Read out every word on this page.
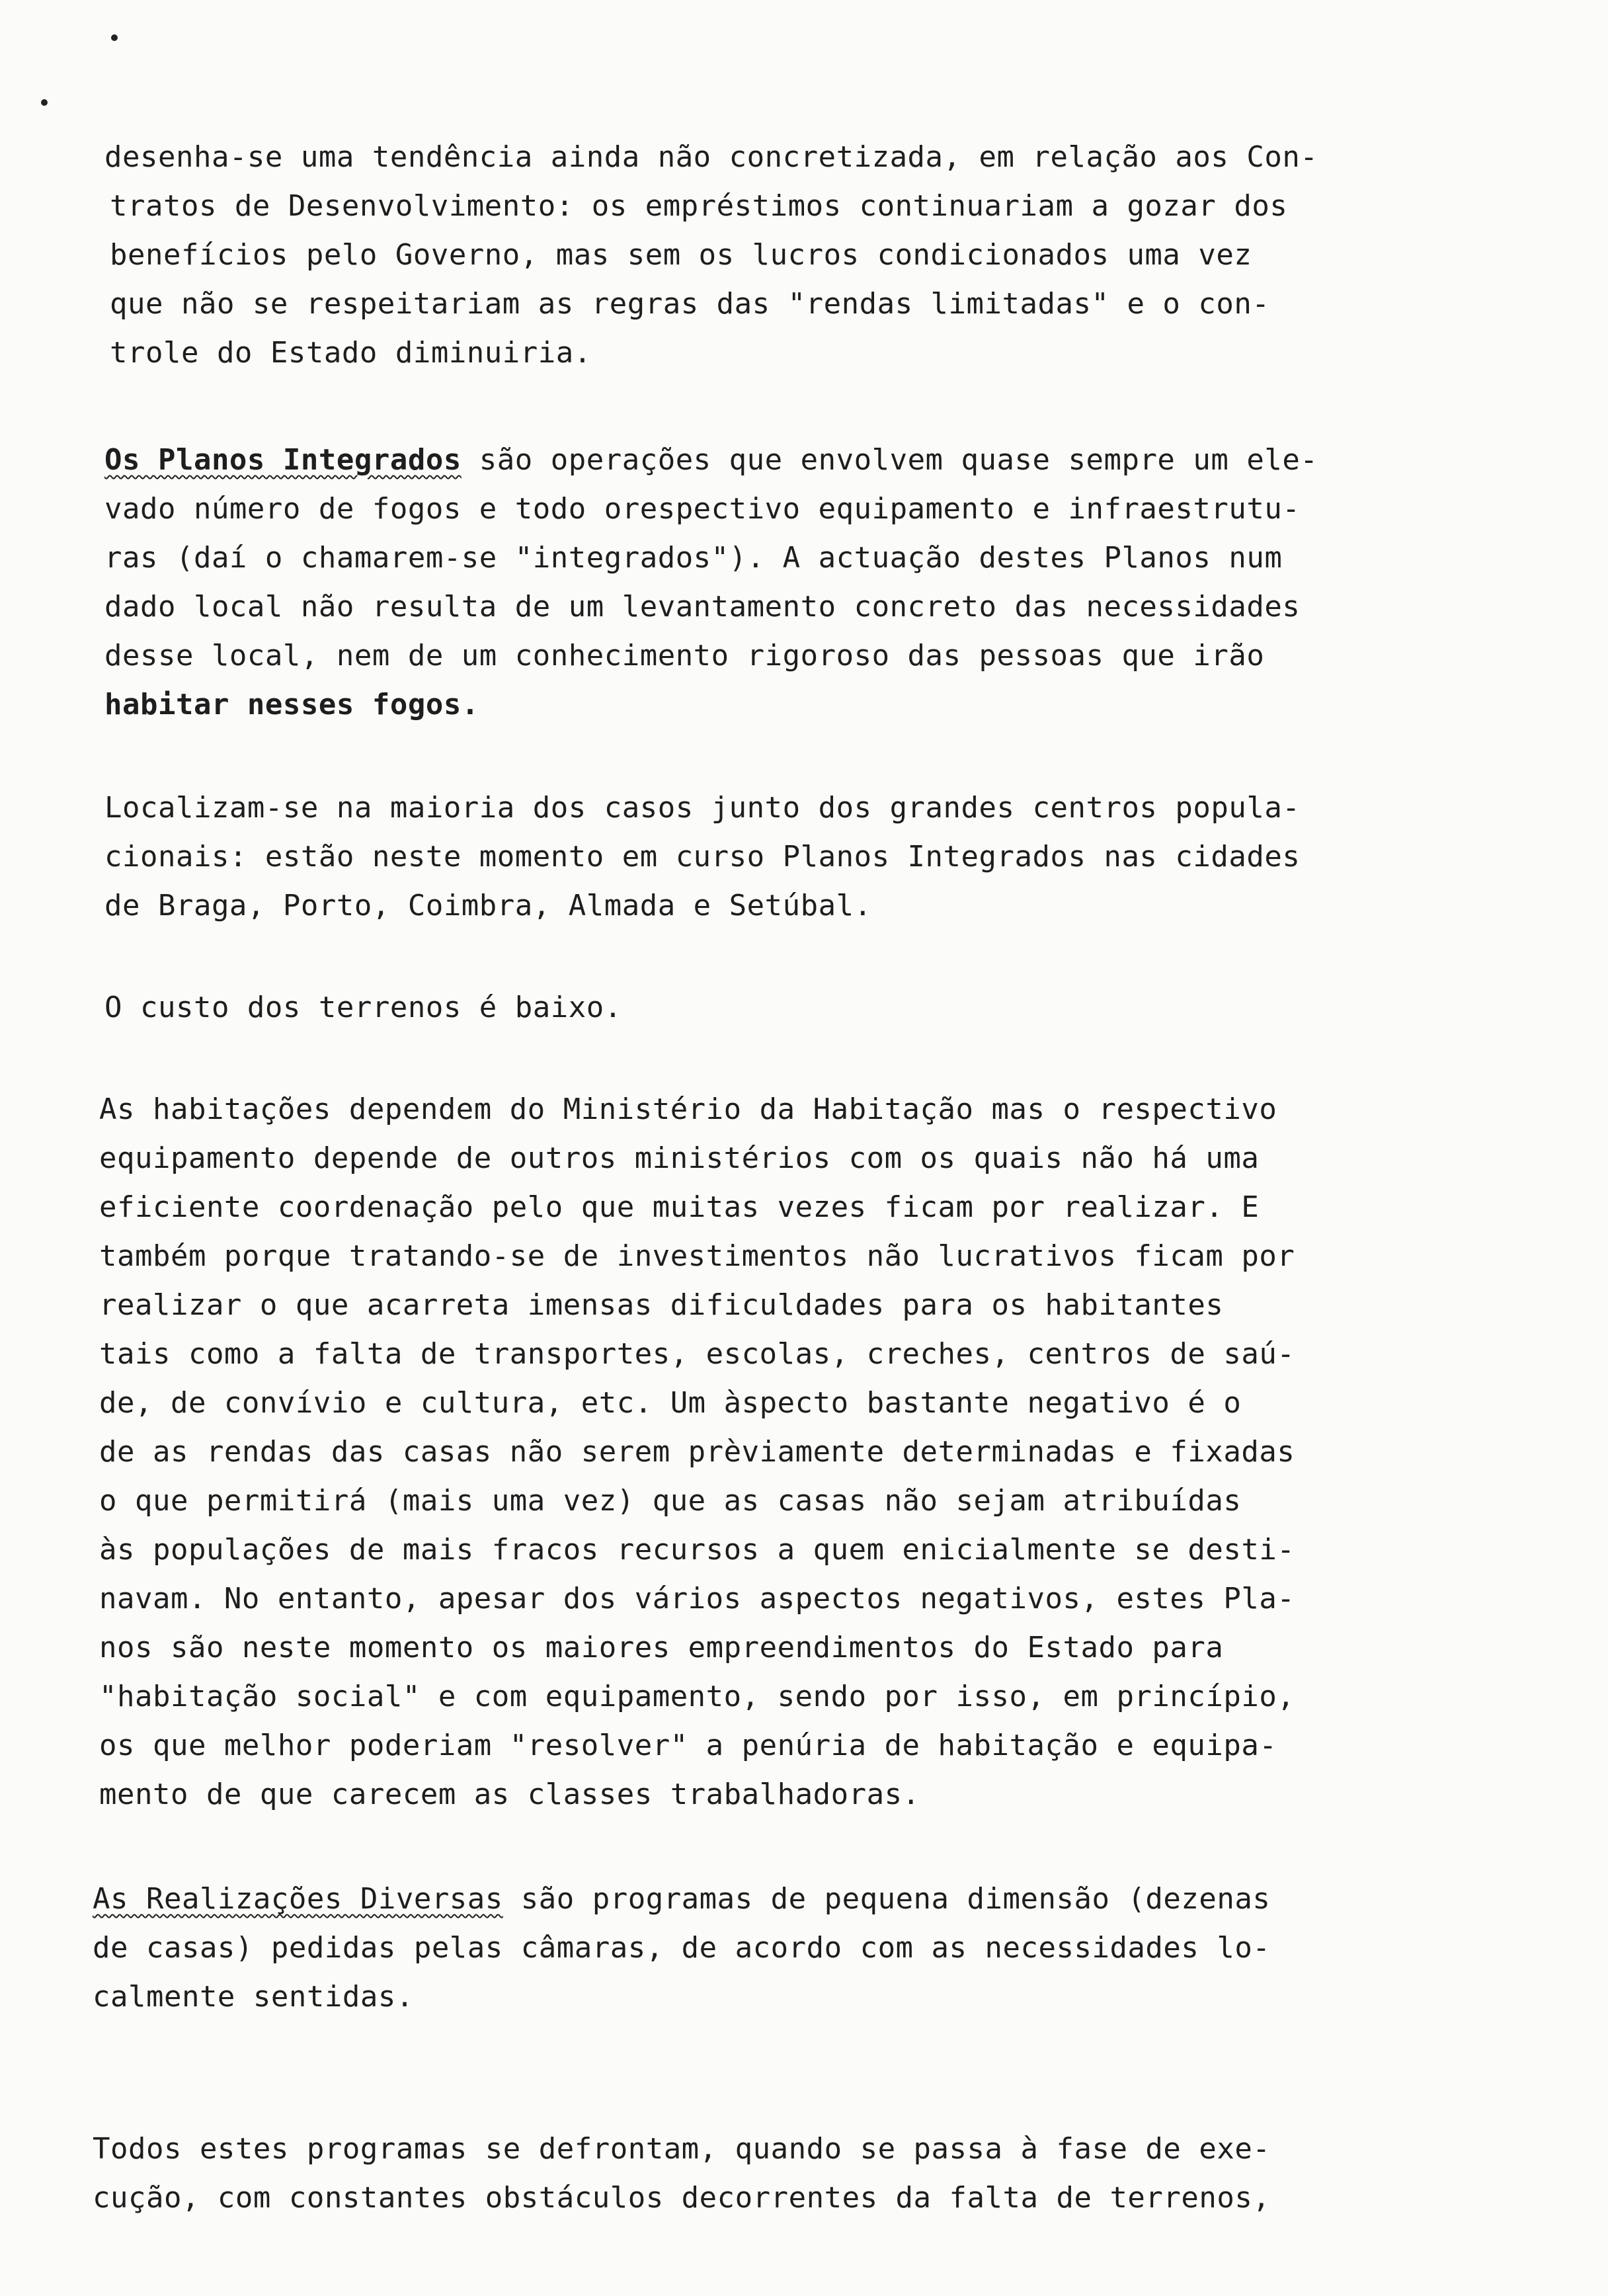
desenha-se uma tendência ainda não concretizada, em relação aos Con-
tratos de Desenvolvimento: os empréstimos continuariam a gozar dos
benefícios pelo Governo, mas sem os lucros condicionados uma vez
que não se respeitariam as regras das "rendas limitadas" e o con-
trole do Estado diminuiria.
Os Planos Integrados são operações que envolvem quase sempre um ele-
vado número de fogos e todo orespectivo equipamento e infraestrutu-
ras (daí o chamarem-se "integrados"). A actuação destes Planos num
dado local não resulta de um levantamento concreto das necessidades
desse local, nem de um conhecimento rigoroso das pessoas que irão
habitar nesses fogos.
Localizam-se na maioria dos casos junto dos grandes centros popula-
cionais: estão neste momento em curso Planos Integrados nas cidades
de Braga, Porto, Coimbra, Almada e Setúbal.
O custo dos terrenos é baixo.
As habitações dependem do Ministério da Habitação mas o respectivo
equipamento depende de outros ministérios com os quais não há uma
eficiente coordenação pelo que muitas vezes ficam por realizar. E
também porque tratando-se de investimentos não lucrativos ficam por
realizar o que acarreta imensas dificuldades para os habitantes
tais como a falta de transportes, escolas, creches, centros de saú-
de, de convívio e cultura, etc. Um àspecto bastante negativo é o
de as rendas das casas não serem prèviamente determinadas e fixadas
o que permitirá (mais uma vez) que as casas não sejam atribuídas
às populações de mais fracos recursos a quem enicialmente se desti-
navam. No entanto, apesar dos vários aspectos negativos, estes Pla-
nos são neste momento os maiores empreendimentos do Estado para
"habitação social" e com equipamento, sendo por isso, em princípio,
os que melhor poderiam "resolver" a penúria de habitação e equipa-
mento de que carecem as classes trabalhadoras.
As Realizações Diversas são programas de pequena dimensão (dezenas
de casas) pedidas pelas câmaras, de acordo com as necessidades lo-
calmente sentidas.
Todos estes programas se defrontam, quando se passa à fase de exe-
cução, com constantes obstáculos decorrentes da falta de terrenos,
